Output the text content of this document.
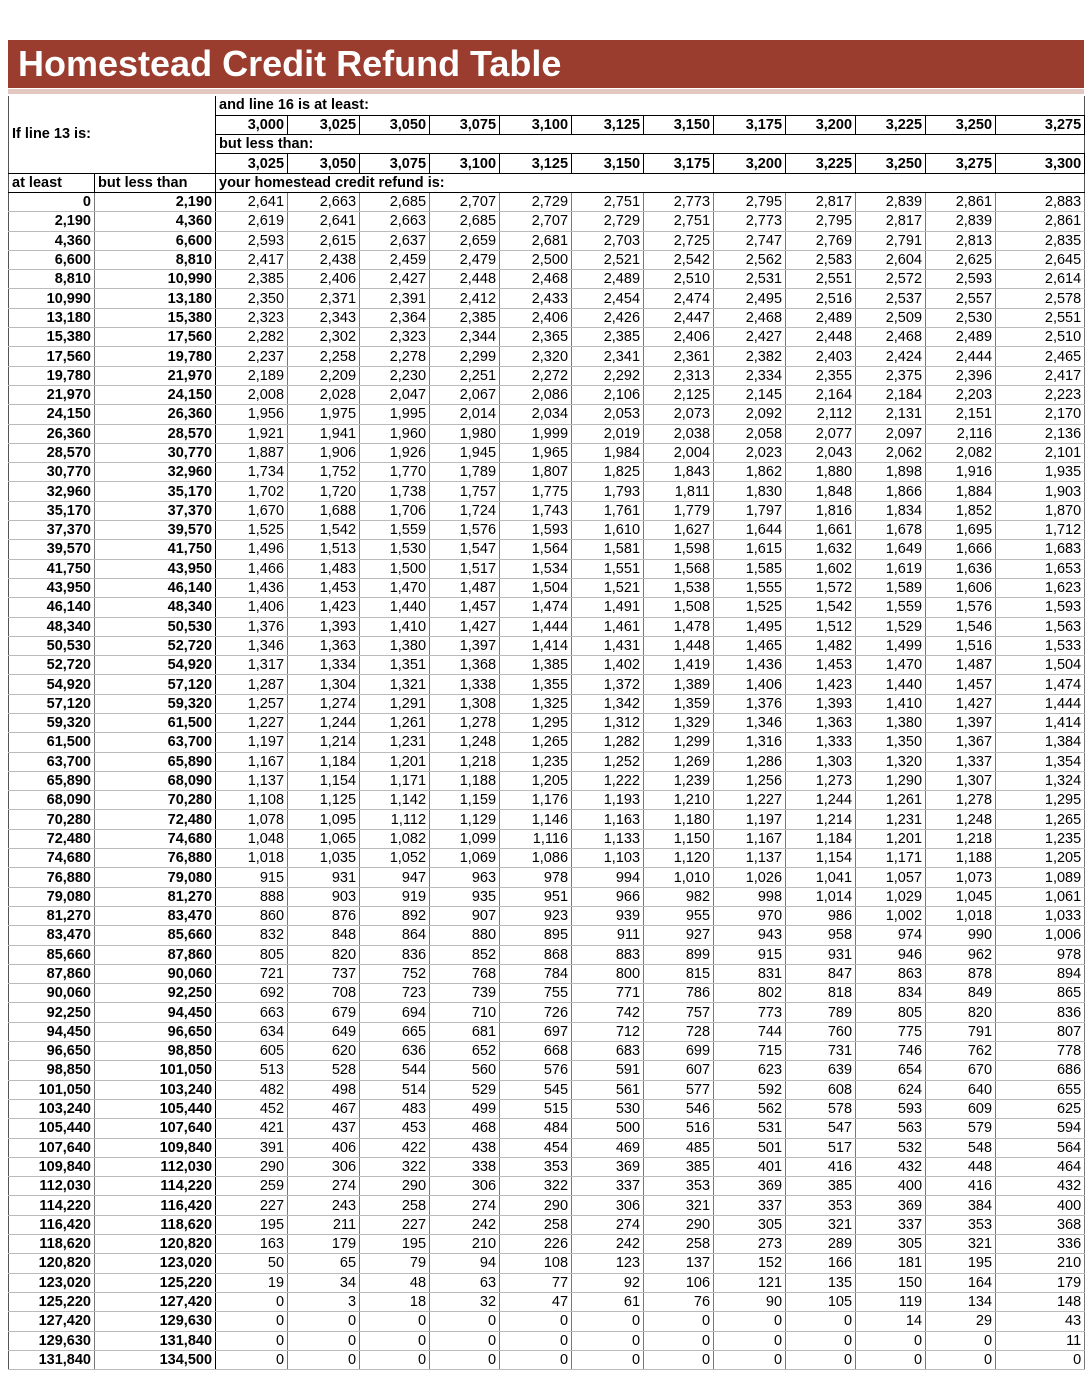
Homestead Credit Refund Table
If line 13 is:		and line 16 is at least:											
		3,000	3,025	3,050	3,075	3,100	3,125	3,150	3,175	3,200	3,225	3,250	3,275
		but less than:											
		3,025	3,050	3,075	3,100	3,125	3,150	3,175	3,200	3,225	3,250	3,275	3,300
at least	but less than	your homestead credit refund is:											
0	2,190	2,641	2,663	2,685	2,707	2,729	2,751	2,773	2,795	2,817	2,839	2,861	2,883
2,190	4,360	2,619	2,641	2,663	2,685	2,707	2,729	2,751	2,773	2,795	2,817	2,839	2,861
4,360	6,600	2,593	2,615	2,637	2,659	2,681	2,703	2,725	2,747	2,769	2,791	2,813	2,835
6,600	8,810	2,417	2,438	2,459	2,479	2,500	2,521	2,542	2,562	2,583	2,604	2,625	2,645
8,810	10,990	2,385	2,406	2,427	2,448	2,468	2,489	2,510	2,531	2,551	2,572	2,593	2,614
10,990	13,180	2,350	2,371	2,391	2,412	2,433	2,454	2,474	2,495	2,516	2,537	2,557	2,578
13,180	15,380	2,323	2,343	2,364	2,385	2,406	2,426	2,447	2,468	2,489	2,509	2,530	2,551
15,380	17,560	2,282	2,302	2,323	2,344	2,365	2,385	2,406	2,427	2,448	2,468	2,489	2,510
17,560	19,780	2,237	2,258	2,278	2,299	2,320	2,341	2,361	2,382	2,403	2,424	2,444	2,465
19,780	21,970	2,189	2,209	2,230	2,251	2,272	2,292	2,313	2,334	2,355	2,375	2,396	2,417
21,970	24,150	2,008	2,028	2,047	2,067	2,086	2,106	2,125	2,145	2,164	2,184	2,203	2,223
24,150	26,360	1,956	1,975	1,995	2,014	2,034	2,053	2,073	2,092	2,112	2,131	2,151	2,170
26,360	28,570	1,921	1,941	1,960	1,980	1,999	2,019	2,038	2,058	2,077	2,097	2,116	2,136
28,570	30,770	1,887	1,906	1,926	1,945	1,965	1,984	2,004	2,023	2,043	2,062	2,082	2,101
30,770	32,960	1,734	1,752	1,770	1,789	1,807	1,825	1,843	1,862	1,880	1,898	1,916	1,935
32,960	35,170	1,702	1,720	1,738	1,757	1,775	1,793	1,811	1,830	1,848	1,866	1,884	1,903
35,170	37,370	1,670	1,688	1,706	1,724	1,743	1,761	1,779	1,797	1,816	1,834	1,852	1,870
37,370	39,570	1,525	1,542	1,559	1,576	1,593	1,610	1,627	1,644	1,661	1,678	1,695	1,712
39,570	41,750	1,496	1,513	1,530	1,547	1,564	1,581	1,598	1,615	1,632	1,649	1,666	1,683
41,750	43,950	1,466	1,483	1,500	1,517	1,534	1,551	1,568	1,585	1,602	1,619	1,636	1,653
43,950	46,140	1,436	1,453	1,470	1,487	1,504	1,521	1,538	1,555	1,572	1,589	1,606	1,623
46,140	48,340	1,406	1,423	1,440	1,457	1,474	1,491	1,508	1,525	1,542	1,559	1,576	1,593
48,340	50,530	1,376	1,393	1,410	1,427	1,444	1,461	1,478	1,495	1,512	1,529	1,546	1,563
50,530	52,720	1,346	1,363	1,380	1,397	1,414	1,431	1,448	1,465	1,482	1,499	1,516	1,533
52,720	54,920	1,317	1,334	1,351	1,368	1,385	1,402	1,419	1,436	1,453	1,470	1,487	1,504
54,920	57,120	1,287	1,304	1,321	1,338	1,355	1,372	1,389	1,406	1,423	1,440	1,457	1,474
57,120	59,320	1,257	1,274	1,291	1,308	1,325	1,342	1,359	1,376	1,393	1,410	1,427	1,444
59,320	61,500	1,227	1,244	1,261	1,278	1,295	1,312	1,329	1,346	1,363	1,380	1,397	1,414
61,500	63,700	1,197	1,214	1,231	1,248	1,265	1,282	1,299	1,316	1,333	1,350	1,367	1,384
63,700	65,890	1,167	1,184	1,201	1,218	1,235	1,252	1,269	1,286	1,303	1,320	1,337	1,354
65,890	68,090	1,137	1,154	1,171	1,188	1,205	1,222	1,239	1,256	1,273	1,290	1,307	1,324
68,090	70,280	1,108	1,125	1,142	1,159	1,176	1,193	1,210	1,227	1,244	1,261	1,278	1,295
70,280	72,480	1,078	1,095	1,112	1,129	1,146	1,163	1,180	1,197	1,214	1,231	1,248	1,265
72,480	74,680	1,048	1,065	1,082	1,099	1,116	1,133	1,150	1,167	1,184	1,201	1,218	1,235
74,680	76,880	1,018	1,035	1,052	1,069	1,086	1,103	1,120	1,137	1,154	1,171	1,188	1,205
76,880	79,080	915	931	947	963	978	994	1,010	1,026	1,041	1,057	1,073	1,089
79,080	81,270	888	903	919	935	951	966	982	998	1,014	1,029	1,045	1,061
81,270	83,470	860	876	892	907	923	939	955	970	986	1,002	1,018	1,033
83,470	85,660	832	848	864	880	895	911	927	943	958	974	990	1,006
85,660	87,860	805	820	836	852	868	883	899	915	931	946	962	978
87,860	90,060	721	737	752	768	784	800	815	831	847	863	878	894
90,060	92,250	692	708	723	739	755	771	786	802	818	834	849	865
92,250	94,450	663	679	694	710	726	742	757	773	789	805	820	836
94,450	96,650	634	649	665	681	697	712	728	744	760	775	791	807
96,650	98,850	605	620	636	652	668	683	699	715	731	746	762	778
98,850	101,050	513	528	544	560	576	591	607	623	639	654	670	686
101,050	103,240	482	498	514	529	545	561	577	592	608	624	640	655
103,240	105,440	452	467	483	499	515	530	546	562	578	593	609	625
105,440	107,640	421	437	453	468	484	500	516	531	547	563	579	594
107,640	109,840	391	406	422	438	454	469	485	501	517	532	548	564
109,840	112,030	290	306	322	338	353	369	385	401	416	432	448	464
112,030	114,220	259	274	290	306	322	337	353	369	385	400	416	432
114,220	116,420	227	243	258	274	290	306	321	337	353	369	384	400
116,420	118,620	195	211	227	242	258	274	290	305	321	337	353	368
118,620	120,820	163	179	195	210	226	242	258	273	289	305	321	336
120,820	123,020	50	65	79	94	108	123	137	152	166	181	195	210
123,020	125,220	19	34	48	63	77	92	106	121	135	150	164	179
125,220	127,420	0	3	18	32	47	61	76	90	105	119	134	148
127,420	129,630	0	0	0	0	0	0	0	0	0	14	29	43
129,630	131,840	0	0	0	0	0	0	0	0	0	0	0	11
131,840	134,500	0	0	0	0	0	0	0	0	0	0	0	0
